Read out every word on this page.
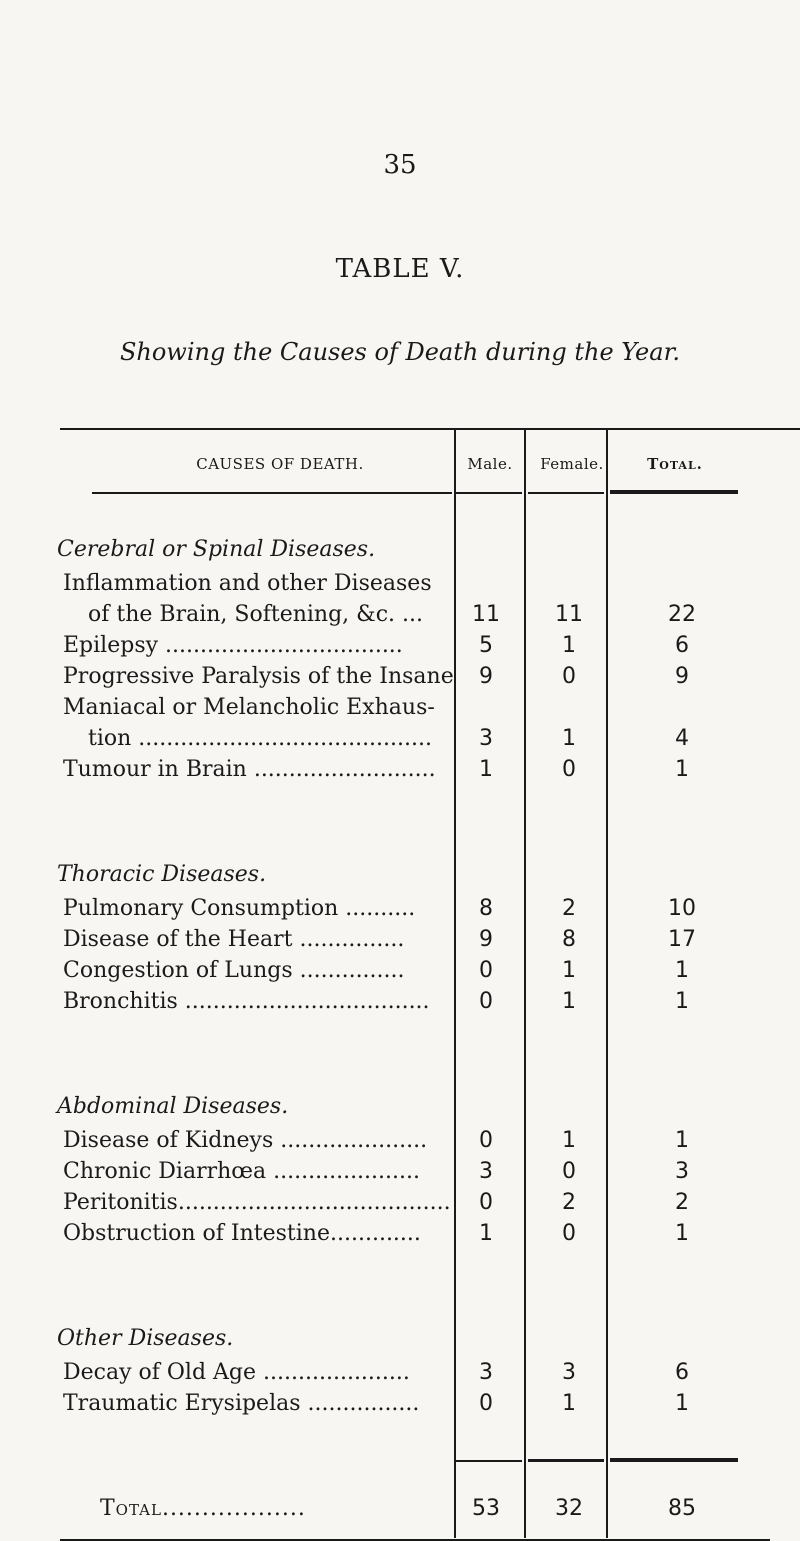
35
TABLE V.
Showing the Causes of Death during the Year.
CAUSES OF DEATH.	Male.	Female.	Total.
Cerebral or Spinal Diseases.
Inflammation and other Diseases
of the Brain, Softening, &c. ...	11	11	22
Epilepsy ..................................	5	1	6
Progressive Paralysis of the Insane	9	0	9
Maniacal or Melancholic Exhaus-
tion ..........................................	3	1	4
Tumour in Brain ..........................	1	0	1
Thoracic Diseases.
Pulmonary Consumption ..........	8	2	10
Disease of the Heart ...............	9	8	17
Congestion of Lungs ...............	0	1	1
Bronchitis ...................................	0	1	1
Abdominal Diseases.
Disease of Kidneys .....................	0	1	1
Chronic Diarrhœa .....................	3	0	3
Peritonitis.......................................	0	2	2
Obstruction of Intestine.............	1	0	1
Other Diseases.
Decay of Old Age .....................	3	3	6
Traumatic Erysipelas ................	0	1	1
Total..................	53	32	85
